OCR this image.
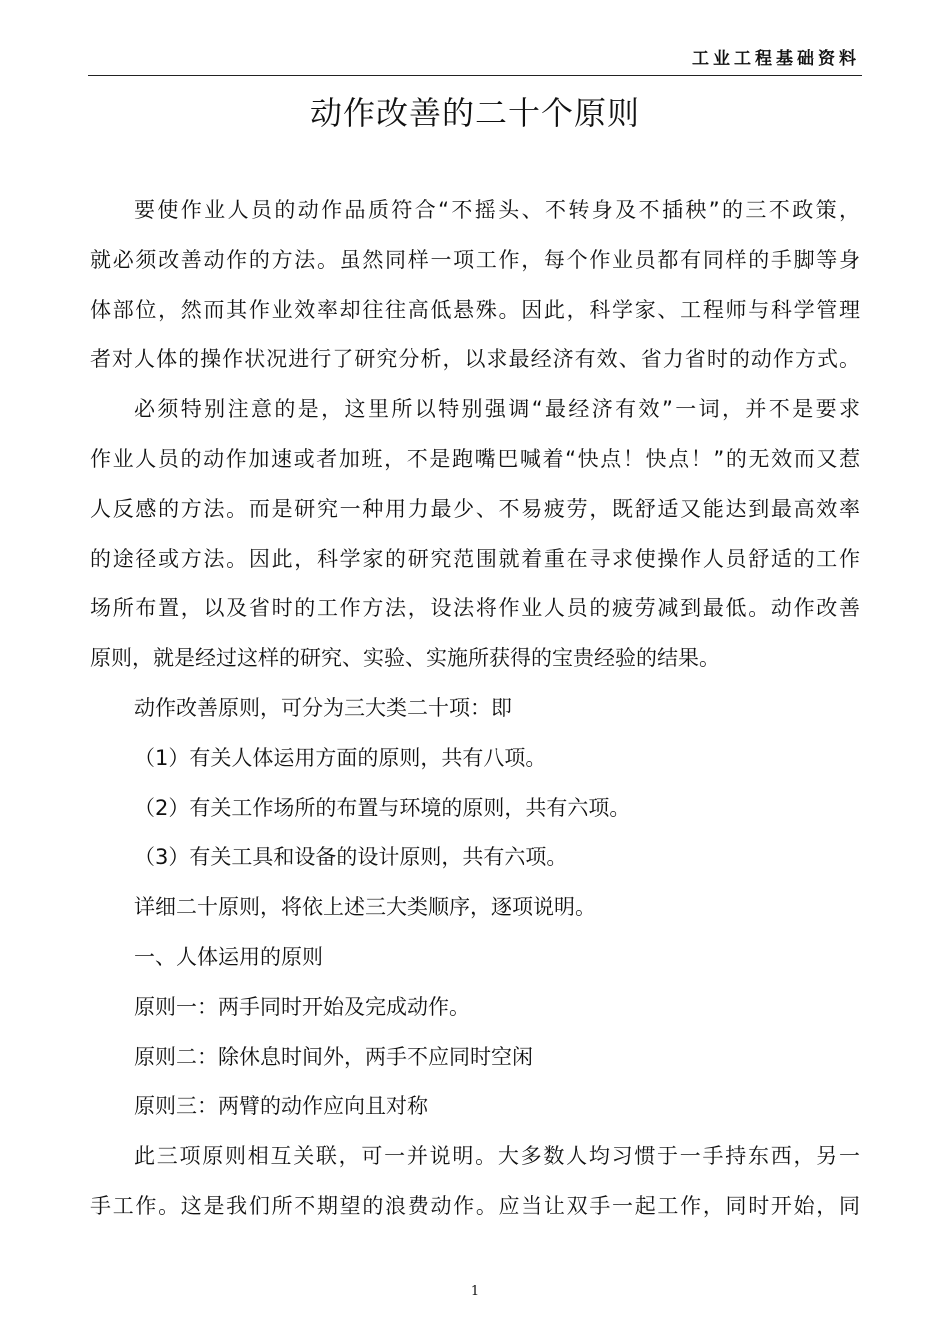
工业工程基础资料
动作改善的二十个原则
要使作业人员的动作品质符合“不摇头、不转身及不插秧”的三不政策，
就必须改善动作的方法。虽然同样一项工作，每个作业员都有同样的手脚等身
体部位，然而其作业效率却往往高低悬殊。因此，科学家、工程师与科学管理
者对人体的操作状况进行了研究分析，以求最经济有效、省力省时的动作方式。
必须特别注意的是，这里所以特别强调“最经济有效”一词，并不是要求
作业人员的动作加速或者加班，不是跑嘴巴喊着“快点！快点！”的无效而又惹
人反感的方法。而是研究一种用力最少、不易疲劳，既舒适又能达到最高效率
的途径或方法。因此，科学家的研究范围就着重在寻求使操作人员舒适的工作
场所布置，以及省时的工作方法，设法将作业人员的疲劳减到最低。动作改善
原则，就是经过这样的研究、实验、实施所获得的宝贵经验的结果。
动作改善原则，可分为三大类二十项：即
（1）有关人体运用方面的原则，共有八项。
（2）有关工作场所的布置与环境的原则，共有六项。
（3）有关工具和设备的设计原则，共有六项。
详细二十原则，将依上述三大类顺序，逐项说明。
一、人体运用的原则
原则一：两手同时开始及完成动作。
原则二：除休息时间外，两手不应同时空闲
原则三：两臂的动作应向且对称
此三项原则相互关联，可一并说明。大多数人均习惯于一手持东西，另一
手工作。这是我们所不期望的浪费动作。应当让双手一起工作，同时开始，同
1
